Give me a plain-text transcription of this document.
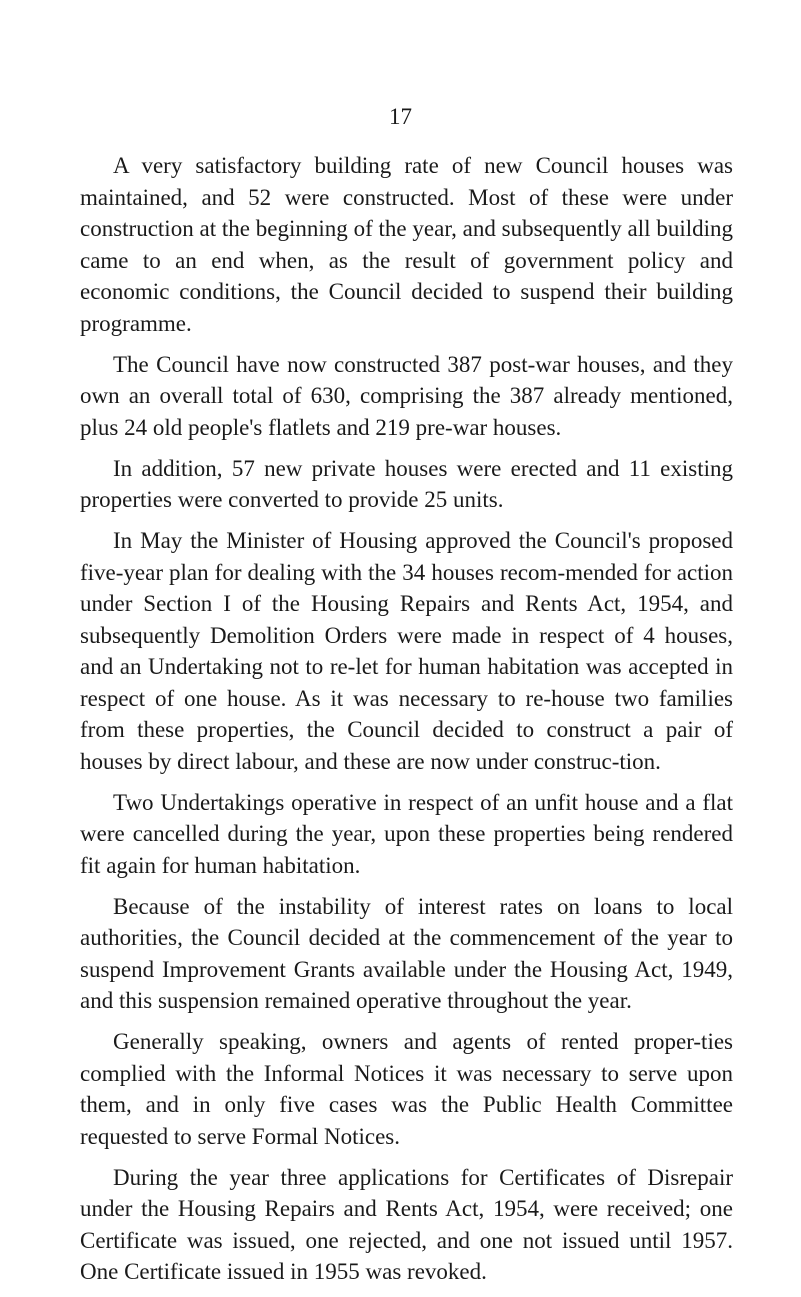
17

A very satisfactory building rate of new Council houses was maintained, and 52 were constructed. Most of these were under construction at the beginning of the year, and subsequently all building came to an end when, as the result of government policy and economic conditions, the Council decided to suspend their building programme.

The Council have now constructed 387 post-war houses, and they own an overall total of 630, comprising the 387 already mentioned, plus 24 old people's flatlets and 219 pre-war houses.

In addition, 57 new private houses were erected and 11 existing properties were converted to provide 25 units.

In May the Minister of Housing approved the Council's proposed five-year plan for dealing with the 34 houses recom-mended for action under Section I of the Housing Repairs and Rents Act, 1954, and subsequently Demolition Orders were made in respect of 4 houses, and an Undertaking not to re-let for human habitation was accepted in respect of one house. As it was necessary to re-house two families from these properties, the Council decided to construct a pair of houses by direct labour, and these are now under construc-tion.

Two Undertakings operative in respect of an unfit house and a flat were cancelled during the year, upon these properties being rendered fit again for human habitation.

Because of the instability of interest rates on loans to local authorities, the Council decided at the commencement of the year to suspend Improvement Grants available under the Housing Act, 1949, and this suspension remained operative throughout the year.

Generally speaking, owners and agents of rented proper-ties complied with the Informal Notices it was necessary to serve upon them, and in only five cases was the Public Health Committee requested to serve Formal Notices.

During the year three applications for Certificates of Disrepair under the Housing Repairs and Rents Act, 1954, were received; one Certificate was issued, one rejected, and one not issued until 1957. One Certificate issued in 1955 was revoked.
